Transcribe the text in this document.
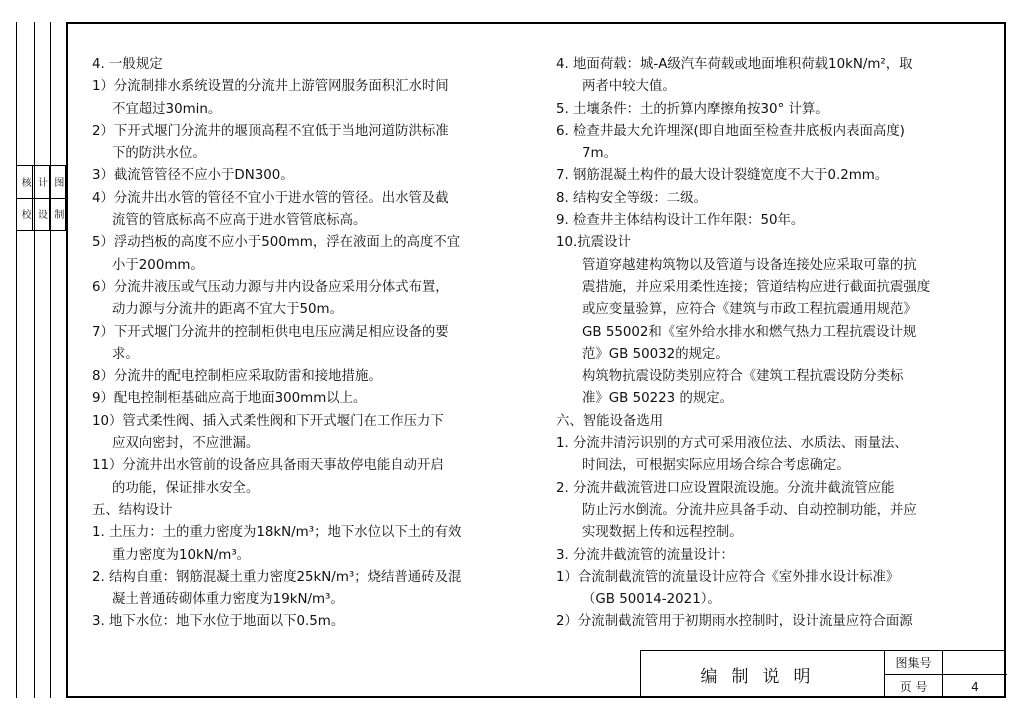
核
校
计
设
图
制
4. 一般规定
1）分流制排水系统设置的分流井上游管网服务面积汇水时间
不宜超过30min。
2）下开式堰门分流井的堰顶高程不宜低于当地河道防洪标准
下的防洪水位。
3）截流管管径不应小于DN300。
4）分流井出水管的管径不宜小于进水管的管径。出水管及截
流管的管底标高不应高于进水管管底标高。
5）浮动挡板的高度不应小于500mm，浮在液面上的高度不宜
小于200mm。
6）分流井液压或气压动力源与井内设备应采用分体式布置，
动力源与分流井的距离不宜大于50m。
7）下开式堰门分流井的控制柜供电电压应满足相应设备的要
求。
8）分流井的配电控制柜应采取防雷和接地措施。
9）配电控制柜基础应高于地面300mm以上。
10）管式柔性阀、插入式柔性阀和下开式堰门在工作压力下
应双向密封，不应泄漏。
11）分流井出水管前的设备应具备雨天事故停电能自动开启
的功能，保证排水安全。
五、结构设计
1. 土压力：土的重力密度为18kN/m³；地下水位以下土的有效
重力密度为10kN/m³。
2. 结构自重：钢筋混凝土重力密度25kN/m³；烧结普通砖及混
凝土普通砖砌体重力密度为19kN/m³。
3. 地下水位：地下水位于地面以下0.5m。
4. 地面荷载：城-A级汽车荷载或地面堆积荷载10kN/m²，取
两者中较大值。
5. 土壤条件：土的折算内摩擦角按30° 计算。
6. 检查井最大允许埋深(即自地面至检查井底板内表面高度)
7m。
7. 钢筋混凝土构件的最大设计裂缝宽度不大于0.2mm。
8. 结构安全等级：二级。
9. 检查井主体结构设计工作年限：50年。
10.抗震设计
管道穿越建构筑物以及管道与设备连接处应采取可靠的抗
震措施，并应采用柔性连接；管道结构应进行截面抗震强度
或应变量验算，应符合《建筑与市政工程抗震通用规范》
GB 55002和《室外给水排水和燃气热力工程抗震设计规
范》GB 50032的规定。
构筑物抗震设防类别应符合《建筑工程抗震设防分类标
准》GB 50223 的规定。
六、智能设备选用
1. 分流井清污识别的方式可采用液位法、水质法、雨量法、
时间法，可根据实际应用场合综合考虑确定。
2. 分流井截流管进口应设置限流设施。分流井截流管应能
防止污水倒流。分流井应具备手动、自动控制功能，并应
实现数据上传和远程控制。
3. 分流井截流管的流量设计：
1）合流制截流管的流量设计应符合《室外排水设计标准》
（GB 50014-2021）。
2）分流制截流管用于初期雨水控制时，设计流量应符合面源
编制说明
图集号
页 号	4
